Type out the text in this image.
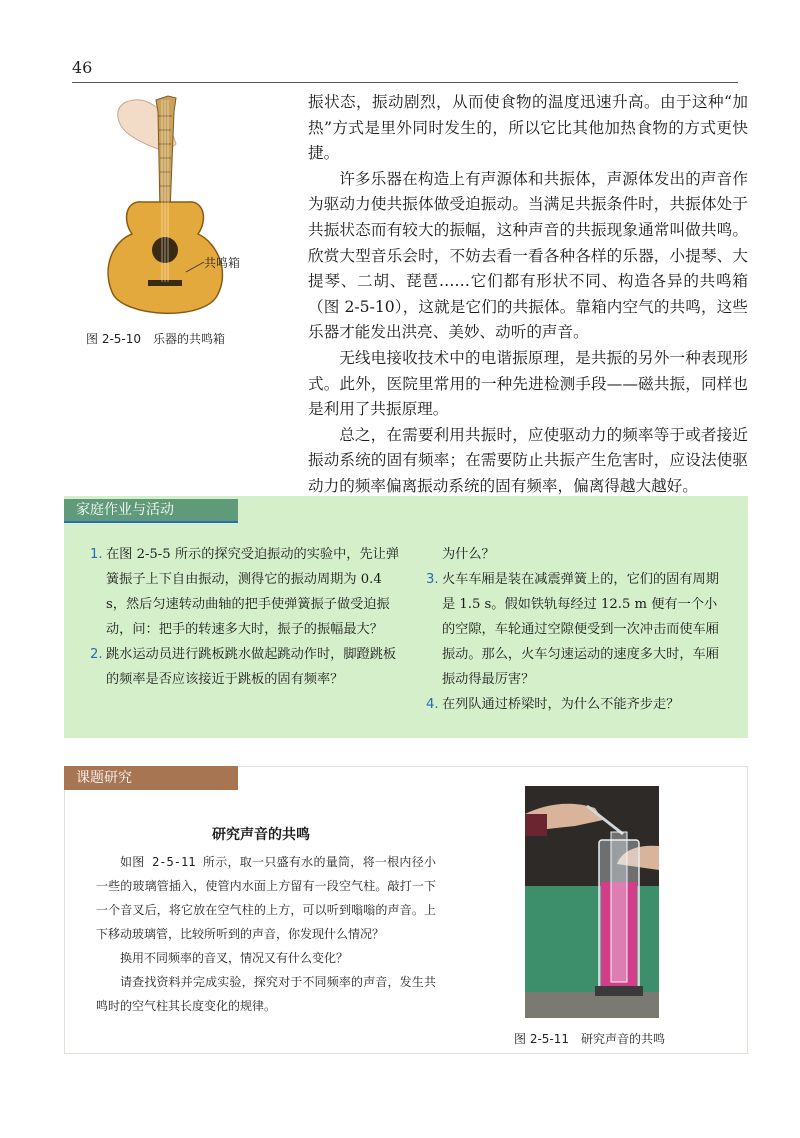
46
共鸣箱
图 2-5-10　乐器的共鸣箱

振状态，振动剧烈，从而使食物的温度迅速升高。由于这种“加热”方式是里外同时发生的，所以它比其他加热食物的方式更快捷。

许多乐器在构造上有声源体和共振体，声源体发出的声音作为驱动力使共振体做受迫振动。当满足共振条件时，共振体处于共振状态而有较大的振幅，这种声音的共振现象通常叫做共鸣。欣赏大型音乐会时，不妨去看一看各种各样的乐器，小提琴、大提琴、二胡、琵琶……它们都有形状不同、构造各异的共鸣箱（图 2-5-10），这就是它们的共振体。靠箱内空气的共鸣，这些乐器才能发出洪亮、美妙、动听的声音。

无线电接收技术中的电谐振原理，是共振的另外一种表现形式。此外，医院里常用的一种先进检测手段——磁共振，同样也是利用了共振原理。

总之，在需要利用共振时，应使驱动力的频率等于或者接近振动系统的固有频率；在需要防止共振产生危害时，应设法使驱动力的频率偏离振动系统的固有频率，偏离得越大越好。

家庭作业与活动
1. 在图 2-5-5 所示的探究受迫振动的实验中，先让弹簧振子上下自由振动，测得它的振动周期为 0.4 s，然后匀速转动曲轴的把手使弹簧振子做受迫振动，问：把手的转速多大时，振子的振幅最大？
2. 跳水运动员进行跳板跳水做起跳动作时，脚蹬跳板的频率是否应该接近于跳板的固有频率？
为什么？
3. 火车车厢是装在减震弹簧上的，它们的固有周期是 1.5 s。假如铁轨每经过 12.5 m 便有一个小的空隙，车轮通过空隙便受到一次冲击而使车厢振动。那么，火车匀速运动的速度多大时，车厢振动得最厉害？
4. 在列队通过桥梁时，为什么不能齐步走？
课题研究
研究声音的共鸣

如图 2-5-11 所示，取一只盛有水的量筒，将一根内径小一些的玻璃管插入，使管内水面上方留有一段空气柱。敲打一下一个音叉后，将它放在空气柱的上方，可以听到嗡嗡的声音。上下移动玻璃管，比较所听到的声音，你发现什么情况？

换用不同频率的音叉，情况又有什么变化？

请查找资料并完成实验，探究对于不同频率的声音，发生共鸣时的空气柱其长度变化的规律。

图 2-5-11　研究声音的共鸣
